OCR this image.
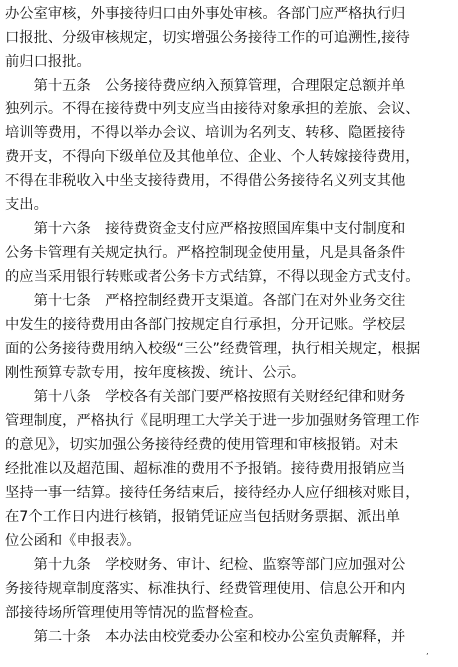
办公室审核，外事接待归口由外事处审核。各部门应严格执行归
口报批、分级审核规定，切实增强公务接待工作的可追溯性,接待
前归口报批。
　　第十五条　公务接待费应纳入预算管理，合理限定总额并单
独列示。不得在接待费中列支应当由接待对象承担的差旅、会议、
培训等费用，不得以举办会议、培训为名列支、转移、隐匿接待
费开支，不得向下级单位及其他单位、企业、个人转嫁接待费用，
不得在非税收入中坐支接待费用，不得借公务接待名义列支其他
支出。
　　第十六条　接待费资金支付应严格按照国库集中支付制度和
公务卡管理有关规定执行。严格控制现金使用量，凡是具备条件
的应当采用银行转账或者公务卡方式结算，不得以现金方式支付。
　　第十七条　严格控制经费开支渠道。各部门在对外业务交往
中发生的接待费用由各部门按规定自行承担，分开记账。学校层
面的公务接待费用纳入校级“三公”经费管理，执行相关规定，根据
刚性预算专款专用，按年度核拨、统计、公示。
　　第十八条　学校各有关部门要严格按照有关财经纪律和财务
管理制度，严格执行《昆明理工大学关于进一步加强财务管理工作
的意见》，切实加强公务接待经费的使用管理和审核报销。对未
经批准以及超范围、超标准的费用不予报销。接待费用报销应当
坚持一事一结算。接待任务结束后，接待经办人应仔细核对账目，
在7个工作日内进行核销，报销凭证应当包括财务票据、派出单
位公函和《申报表》。
　　第十九条　学校财务、审计、纪检、监察等部门应加强对公
务接待规章制度落实、标准执行、经费管理使用、信息公开和内
部接待场所管理使用等情况的监督检查。
　　第二十条　本办法由校党委办公室和校办公室负责解释，并
’
